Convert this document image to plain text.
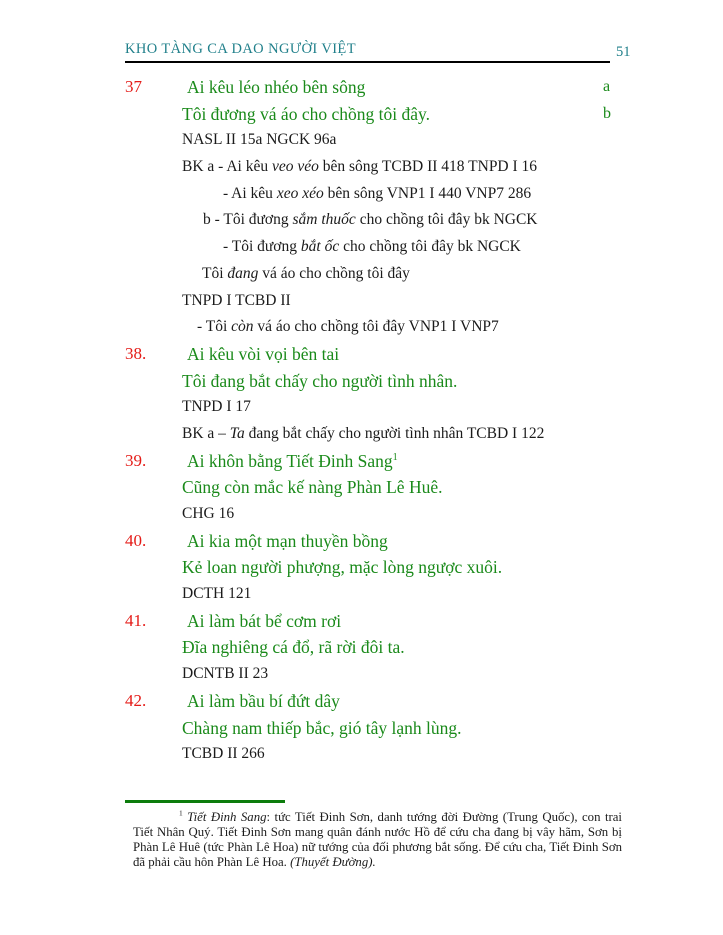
KHO TÀNG CA DAO NGƯỜI VIỆT	51
37	Ai kêu léo nhéo bên sông	a
Tôi đương vá áo cho chồng tôi đây.	b
NASL II 15a NGCK 96a
BK a - Ai kêu veo véo bên sông TCBD II 418 TNPD I 16
- Ai kêu xeo xéo bên sông VNP1 I 440 VNP7 286
b - Tôi đương sắm thuốc cho chồng tôi đây bk NGCK
- Tôi đương bắt ốc cho chồng tôi đây bk NGCK
Tôi đang vá áo cho chồng tôi đây
TNPD I TCBD II
- Tôi còn vá áo cho chồng tôi đây VNP1 I VNP7
38. Ai kêu vòi vọi bên tai
Tôi đang bắt chấy cho người tình nhân.
TNPD I 17
BK a – Ta đang bắt chấy cho người tình nhân TCBD I 122
39. Ai khôn bằng Tiết Đinh Sang$^1$
Cũng còn mắc kế nàng Phàn Lê Huê.
CHG 16
40. Ai kia một mạn thuyền bồng
Kẻ loan người phượng, mặc lòng ngược xuôi.
DCTH 121
41. Ai làm bát bể cơm rơi
Đĩa nghiêng cá đổ, rã rời đôi ta.
DCNTB II 23
42. Ai làm bầu bí đứt dây
Chàng nam thiếp bắc, gió tây lạnh lùng.
TCBD II 266
$^1$ Tiết Đinh Sang: tức Tiết Đinh Sơn, danh tướng đời Đường (Trung Quốc), con trai Tiết Nhân Quý. Tiết Đinh Sơn mang quân đánh nước Hồ để cứu cha đang bị vây hãm, Sơn bị Phàn Lê Huê (tức Phàn Lê Hoa) nữ tướng của đối phương bắt sống. Để cứu cha, Tiết Đinh Sơn đã phải cầu hôn Phàn Lê Hoa. (Thuyết Đường).
